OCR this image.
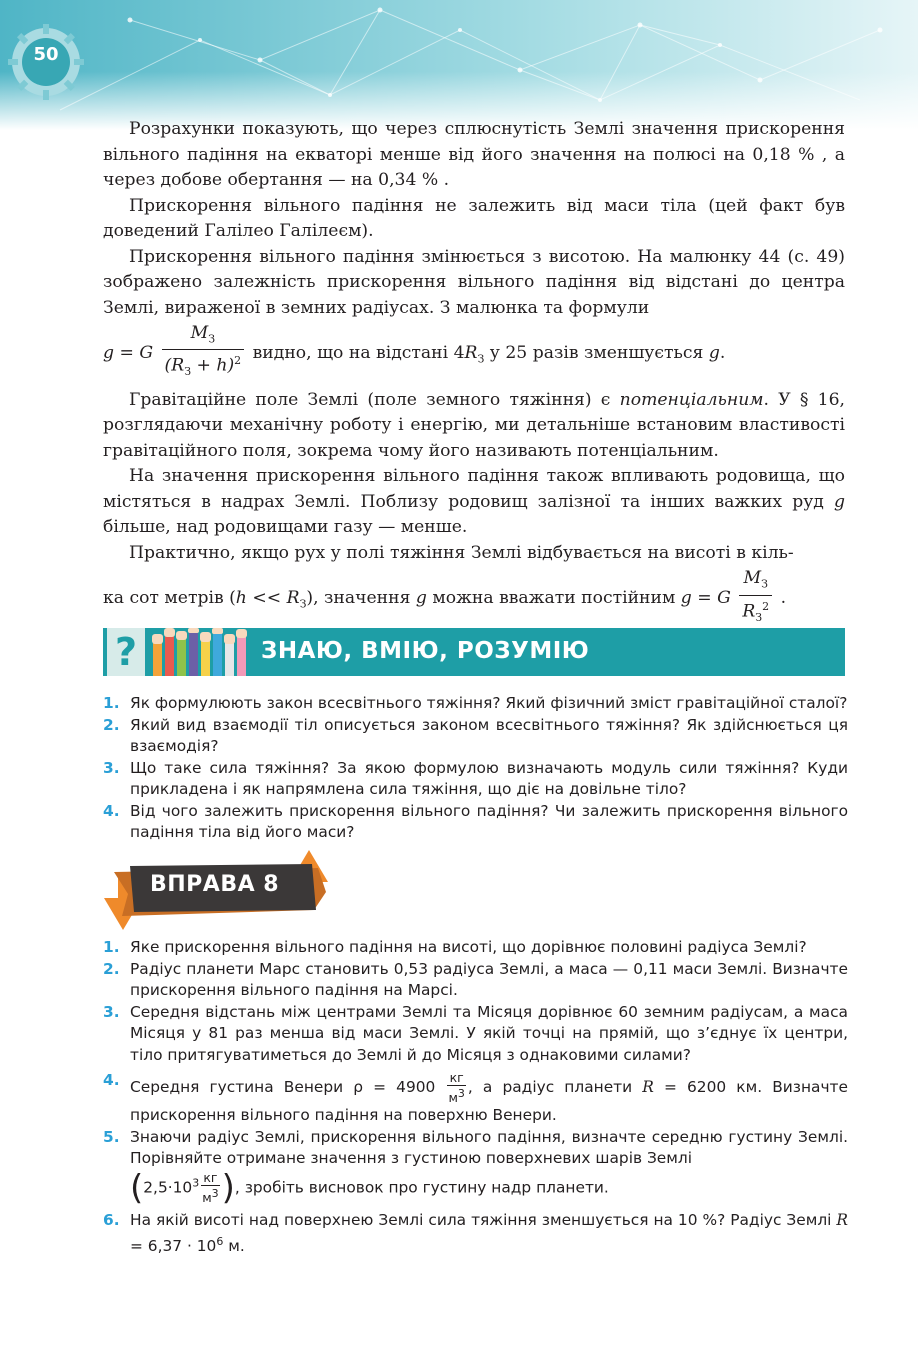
50

Розрахунки показують, що через сплюснутість Землі значення прискорення вільного падіння на екваторі менше від його значення на полюсі на 0,18 % , а через добове обертання — на 0,34 % .

Прискорення вільного падіння не залежить від маси тіла (цей факт був доведений Галілео Галілеєм).

Прискорення вільного падіння змінюється з висотою. На малюнку 44 (с. 49) зображено залежність прискорення вільного падіння від відстані до центра Землі, вираженої в земних радіусах. З малюнка та формули

g = G $\frac{M_З}{(R_З + h)^2}$ видно, що на відстані $4R_З$ у 25 разів зменшується g.

Гравітаційне поле Землі (поле земного тяжіння) є потенціальним. У § 16, розглядаючи механічну роботу і енергію, ми детальніше встановим властивості гравітаційного поля, зокрема чому його називають потенціальним.

На значення прискорення вільного падіння також впливають родовища, що містяться в надрах Землі. Поблизу родовищ залізної та інших важких руд g більше, над родовищами газу — менше.

Практично, якщо рух у полі тяжіння Землі відбувається на висоті в кіль-

ка сот метрів $(h << R_З)$, значення g можна вважати постійним g = G $\frac{M_З}{R_З^2}$ .

?	ЗНАЮ, ВМІЮ, РОЗУМІЮ
1. Як формулюють закон всесвітнього тяжіння? Який фізичний зміст гравітаційної сталої?
2. Який вид взаємодії тіл описується законом всесвітнього тяжіння? Як здійснюється ця взаємодія?
3. Що таке сила тяжіння? За якою формулою визначають модуль сили тяжіння? Куди прикладена і як напрямлена сила тяжіння, що діє на довільне тіло?
4. Від чого залежить прискорення вільного падіння? Чи залежить прискорення вільного падіння тіла від його маси?
ВПРАВА 8
1. Яке прискорення вільного падіння на висоті, що дорівнює половині радіуса Землі?
2. Радіус планети Марс становить 0,53 радіуса Землі, а маса — 0,11 маси Землі. Визначте прискорення вільного падіння на Марсі.
3. Середня відстань між центрами Землі та Місяця дорівнює 60 земним радіусам, а маса Місяця у 81 раз менша від маси Землі. У якій точці на прямій, що з’єднує їх центри, тіло притягуватиметься до Землі й до Місяця з однаковими силами?
4. Середня густина Венери $\rho = 4900 \frac{кг}{м^3}$ , а радіус планети R = 6200 км. Визначте прискорення вільного падіння на поверхню Венери.
5. Знаючи радіус Землі, прискорення вільного падіння, визначте середню густину Землі. Порівняйте отримане значення з густиною поверхневих шарів Землі
($2,5\cdot 10^3 \frac{кг}{м^3}$ ), зробіть висновок про густину надр планети.
6. На якій висоті над поверхнею Землі сила тяжіння зменшується на 10 %? Радіус Землі $R = 6,37 \cdot 10^6$ м.
